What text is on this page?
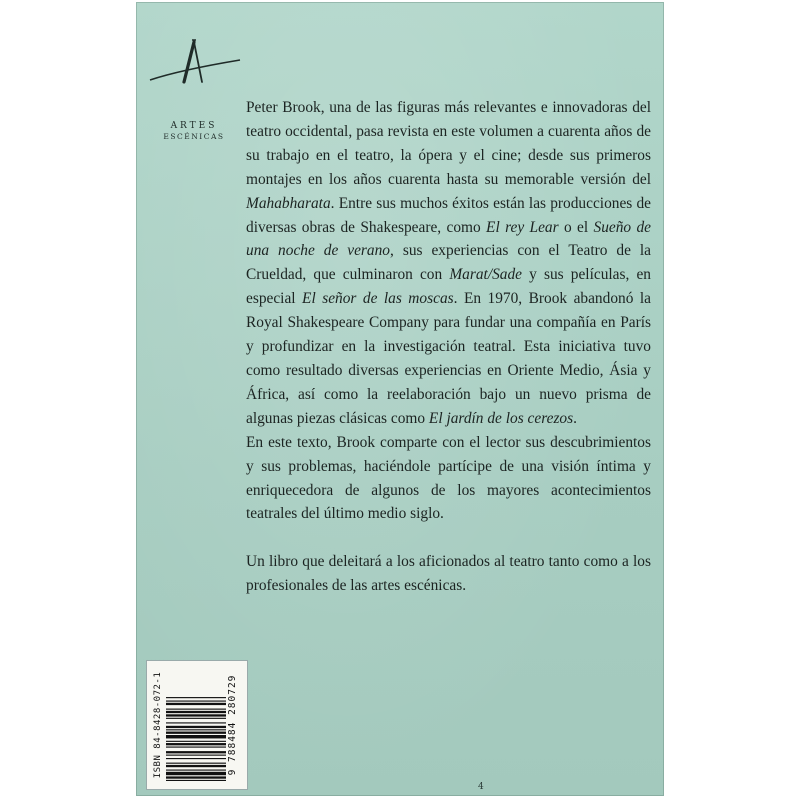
ARTES
ESCÉNICAS

Peter Brook, una de las figuras más relevantes e innovadoras del teatro occidental, pasa revista en este volumen a cuarenta años de su trabajo en el teatro, la ópera y el cine; desde sus primeros montajes en los años cuarenta hasta su memorable versión del Mahabharata. Entre sus muchos éxitos están las producciones de diversas obras de Shakespeare, como El rey Lear o el Sueño de una noche de verano, sus experiencias con el Teatro de la Crueldad, que culminaron con Marat/Sade y sus películas, en especial El señor de las moscas. En 1970, Brook abandonó la Royal Shakespeare Company para fundar una compañía en París y profundizar en la investigación teatral. Esta iniciativa tuvo como resultado diversas experiencias en Oriente Medio, Ásia y África, así como la reelaboración bajo un nuevo prisma de algunas piezas clásicas como El jardín de los cerezos.

En este texto, Brook comparte con el lector sus descubrimientos y sus problemas, haciéndole partícipe de una visión íntima y enriquecedora de algunos de los mayores acontecimientos teatrales del último medio siglo.

Un libro que deleitará a los aficionados al teatro tanto como a los profesionales de las artes escénicas.

ISBN 84-8428-072-1	9 788484 280729
4
